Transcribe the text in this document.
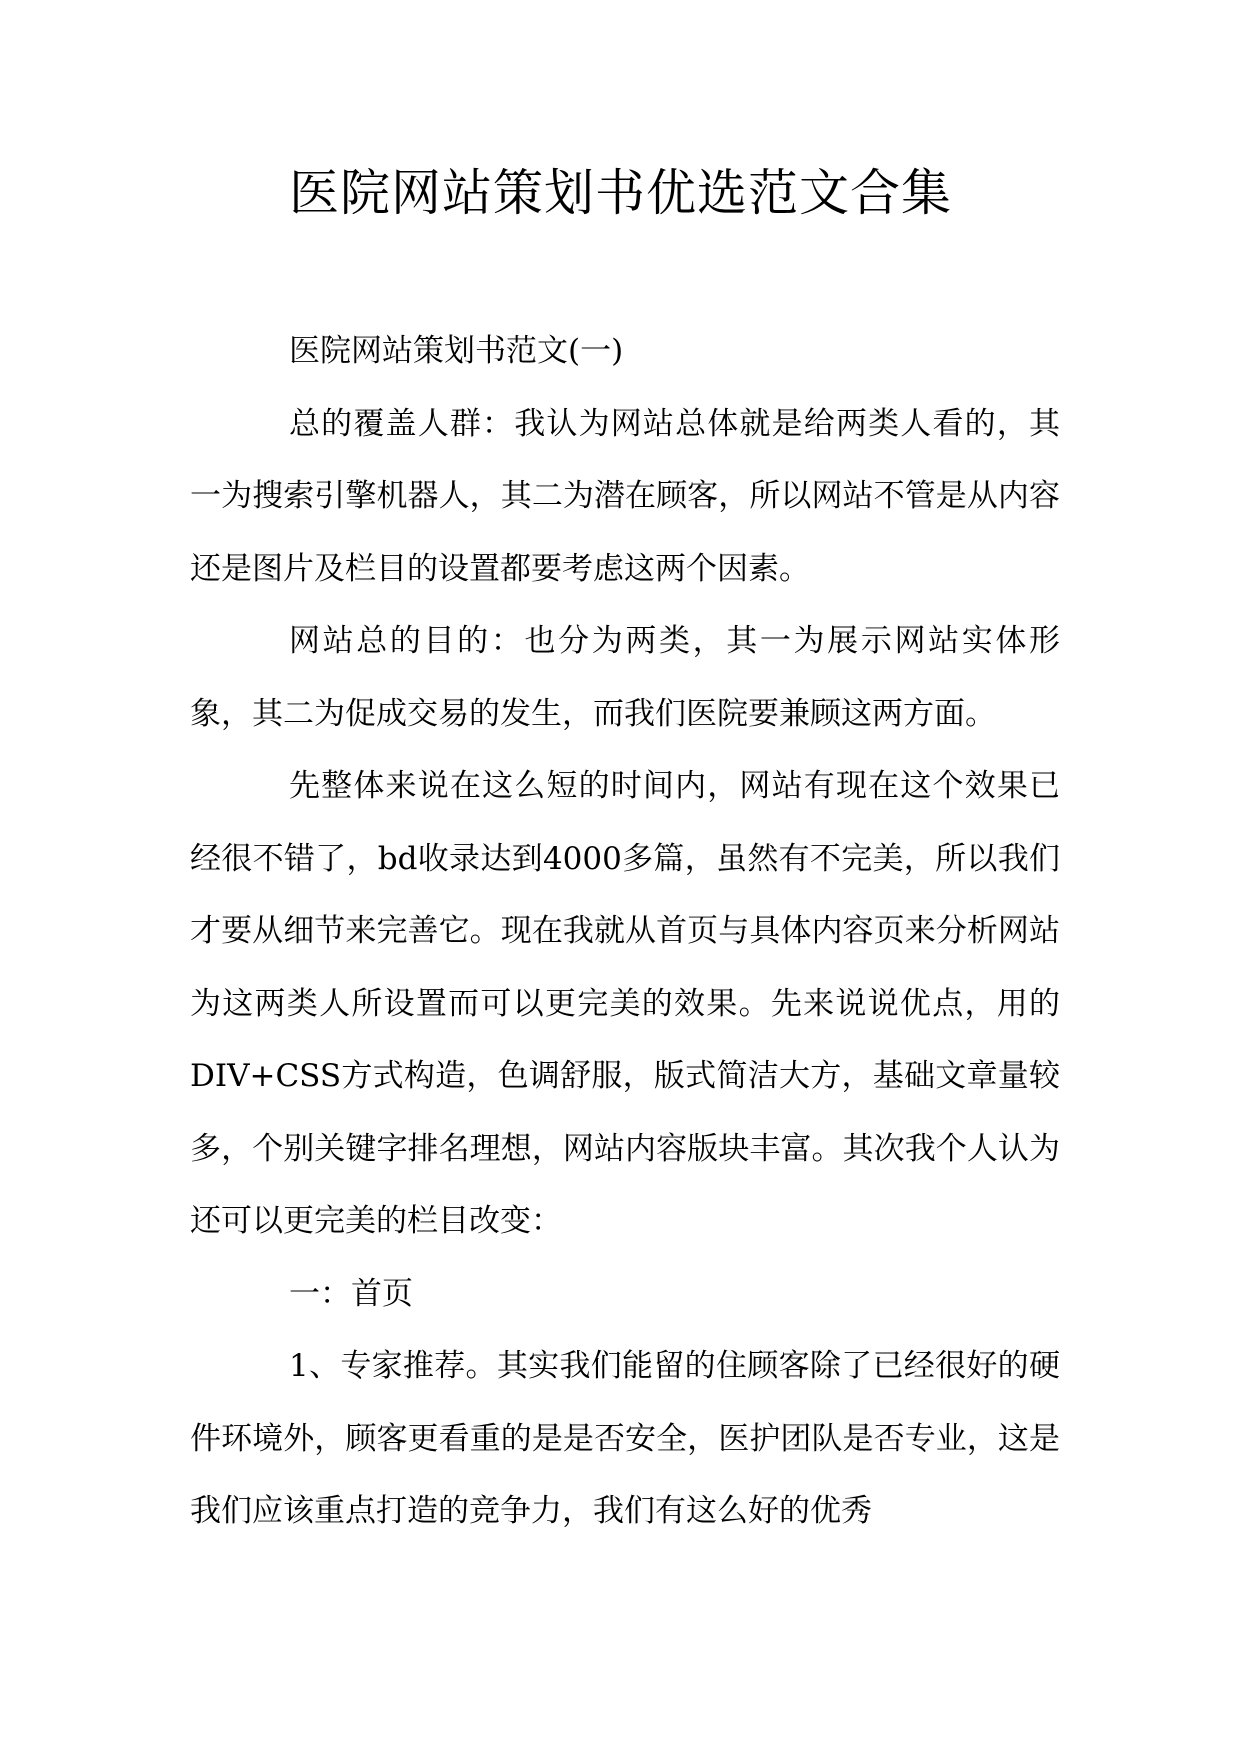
医院网站策划书优选范文合集

医院网站策划书范文(一)

总的覆盖人群：我认为网站总体就是给两类人看的，其一为搜索引擎机器人，其二为潜在顾客，所以网站不管是从内容还是图片及栏目的设置都要考虑这两个因素。

网站总的目的：也分为两类，其一为展示网站实体形象，其二为促成交易的发生，而我们医院要兼顾这两方面。

先整体来说在这么短的时间内，网站有现在这个效果已经很不错了，bd收录达到4000多篇，虽然有不完美，所以我们才要从细节来完善它。现在我就从首页与具体内容页来分析网站为这两类人所设置而可以更完美的效果。先来说说优点，用的DIV+CSS方式构造，色调舒服，版式简洁大方，基础文章量较多，个别关键字排名理想，网站内容版块丰富。其次我个人认为还可以更完美的栏目改变：

一：首页

1、专家推荐。其实我们能留的住顾客除了已经很好的硬件环境外，顾客更看重的是是否安全，医护团队是否专业，这是我们应该重点打造的竞争力，我们有这么好的优秀
